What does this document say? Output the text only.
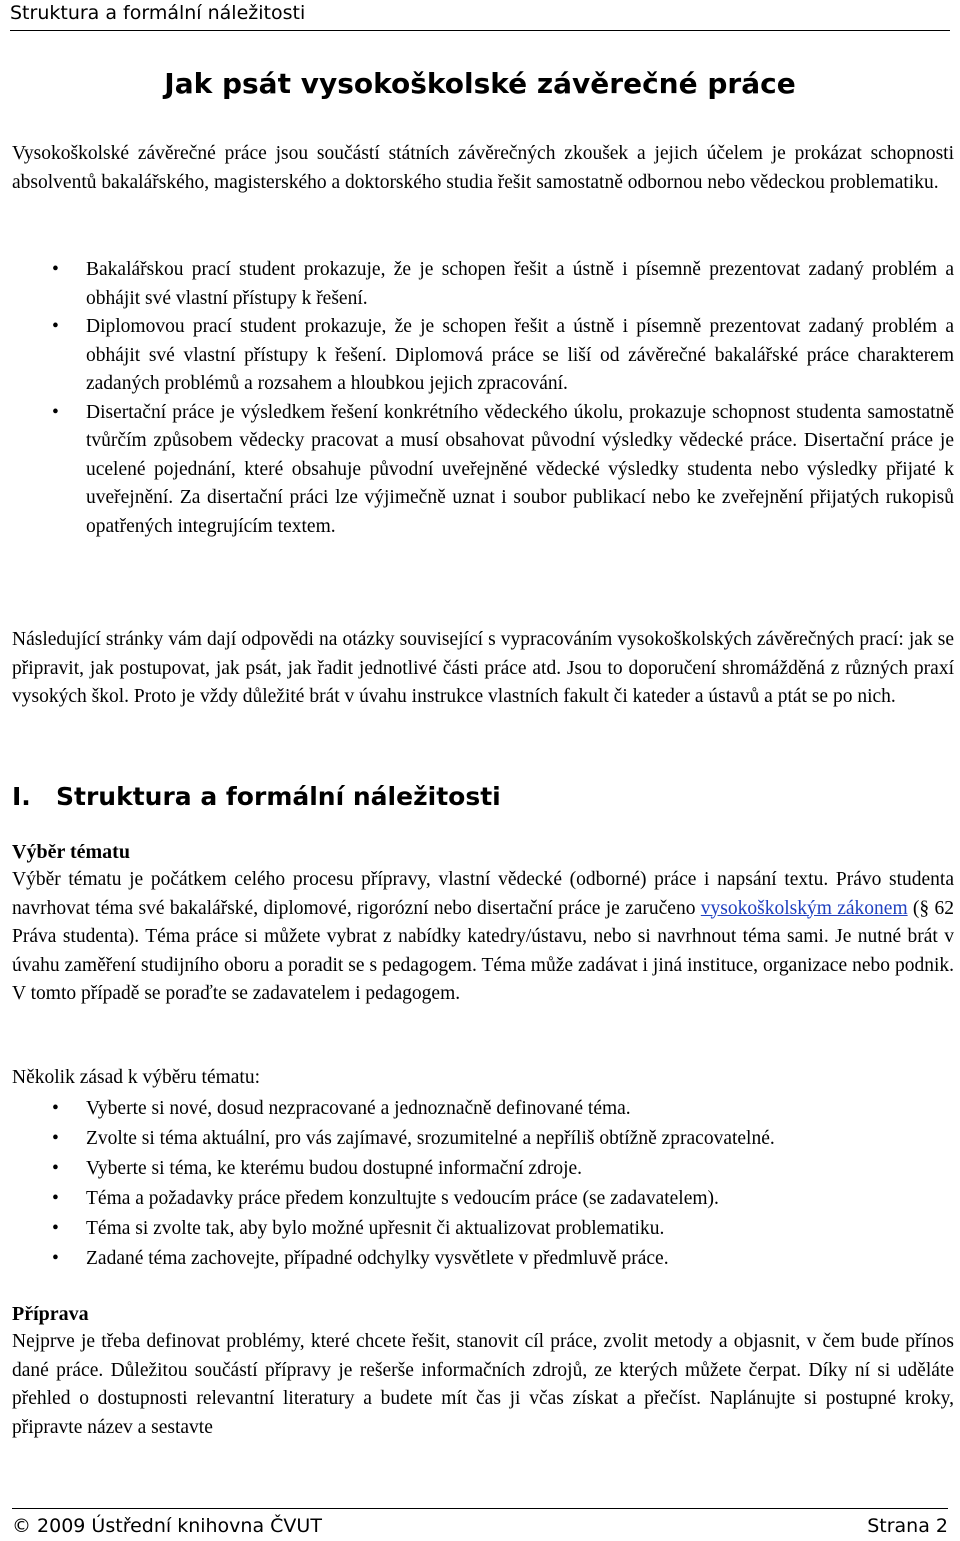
Struktura a formální náležitosti
Jak psát vysokoškolské závěrečné práce

Vysokoškolské závěrečné práce jsou součástí státních závěrečných zkoušek a jejich účelem je prokázat schopnosti absolventů bakalářského, magisterského a doktorského studia řešit samostatně odbornou nebo vědeckou problematiku.

• Bakalářskou prací student prokazuje, že je schopen řešit a ústně i písemně prezentovat zadaný problém a obhájit své vlastní přístupy k řešení.
• Diplomovou prací student prokazuje, že je schopen řešit a ústně i písemně prezentovat zadaný problém a obhájit své vlastní přístupy k řešení. Diplomová práce se liší od závěrečné bakalářské práce charakterem zadaných problémů a rozsahem a hloubkou jejich zpracování.
• Disertační práce je výsledkem řešení konkrétního vědeckého úkolu, prokazuje schopnost studenta samostatně tvůrčím způsobem vědecky pracovat a musí obsahovat původní výsledky vědecké práce. Disertační práce je ucelené pojednání, které obsahuje původní uveřejněné vědecké výsledky studenta nebo výsledky přijaté k uveřejnění. Za disertační práci lze výjimečně uznat i soubor publikací nebo ke zveřejnění přijatých rukopisů opatřených integrujícím textem.

Následující stránky vám dají odpovědi na otázky související s vypracováním vysokoškolských závěrečných prací: jak se připravit, jak postupovat, jak psát, jak řadit jednotlivé části práce atd. Jsou to doporučení shromážděná z různých praxí vysokých škol. Proto je vždy důležité brát v úvahu instrukce vlastních fakult či kateder a ústavů a ptát se po nich.

I. Struktura a formální náležitosti
Výběr tématu

Výběr tématu je počátkem celého procesu přípravy, vlastní vědecké (odborné) práce i napsání textu. Právo studenta navrhovat téma své bakalářské, diplomové, rigorózní nebo disertační práce je zaručeno vysokoškolským zákonem (§ 62 Práva studenta). Téma práce si můžete vybrat z nabídky katedry/ústavu, nebo si navrhnout téma sami. Je nutné brát v úvahu zaměření studijního oboru a poradit se s pedagogem. Téma může zadávat i jiná instituce, organizace nebo podnik. V tomto případě se poraďte se zadavatelem i pedagogem.

Několik zásad k výběru tématu:

• Vyberte si nové, dosud nezpracované a jednoznačně definované téma.
• Zvolte si téma aktuální, pro vás zajímavé, srozumitelné a nepříliš obtížně zpracovatelné.
• Vyberte si téma, ke kterému budou dostupné informační zdroje.
• Téma a požadavky práce předem konzultujte s vedoucím práce (se zadavatelem).
• Téma si zvolte tak, aby bylo možné upřesnit či aktualizovat problematiku.
• Zadané téma zachovejte, případné odchylky vysvětlete v předmluvě práce.
Příprava

Nejprve je třeba definovat problémy, které chcete řešit, stanovit cíl práce, zvolit metody a objasnit, v čem bude přínos dané práce. Důležitou součástí přípravy je rešerše informačních zdrojů, ze kterých můžete čerpat. Díky ní si uděláte přehled o dostupnosti relevantní literatury a budete mít čas ji včas získat a přečíst. Naplánujte si postupné kroky, připravte název a sestavte

© 2009 Ústřední knihovna ČVUT	Strana 2
